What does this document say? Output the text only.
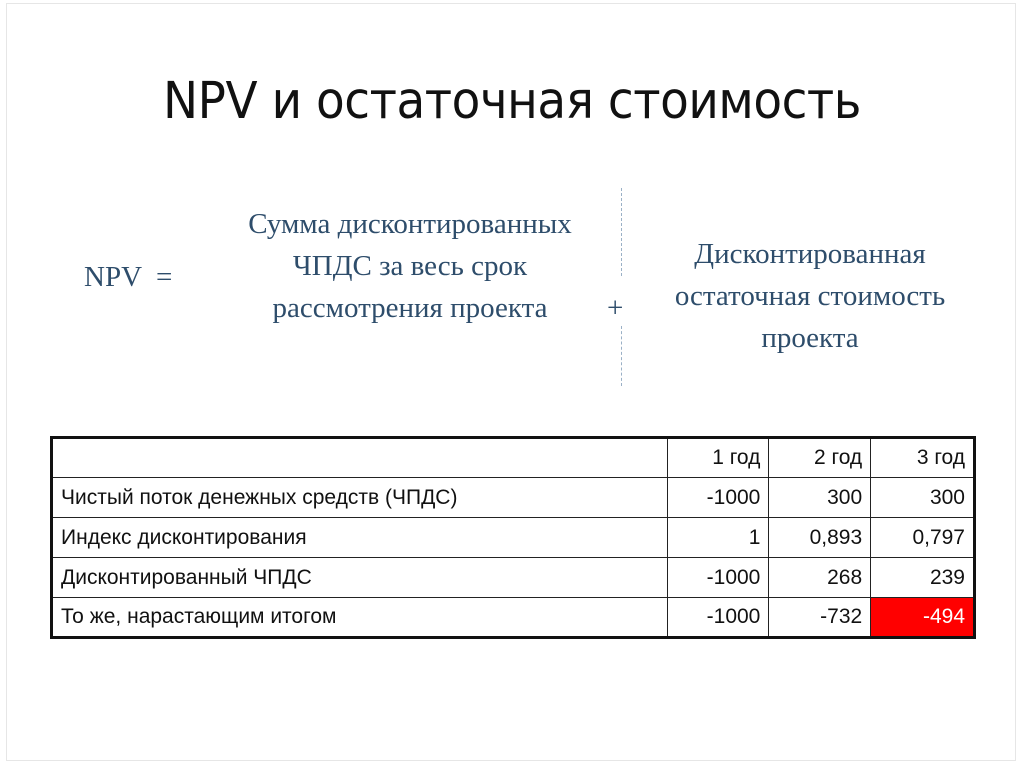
NPV и остаточная стоимость
NPV  =
Сумма дисконтированных
ЧПДС за весь срок
рассмотрения проекта	+
Дисконтированная
остаточная стоимость
проекта
	1 год	2 год	3 год
Чистый поток денежных средств (ЧПДС)	-1000	300	300
Индекс дисконтирования	1	0,893	0,797
Дисконтированный ЧПДС	-1000	268	239
То же, нарастающим итогом	-1000	-732	-494
